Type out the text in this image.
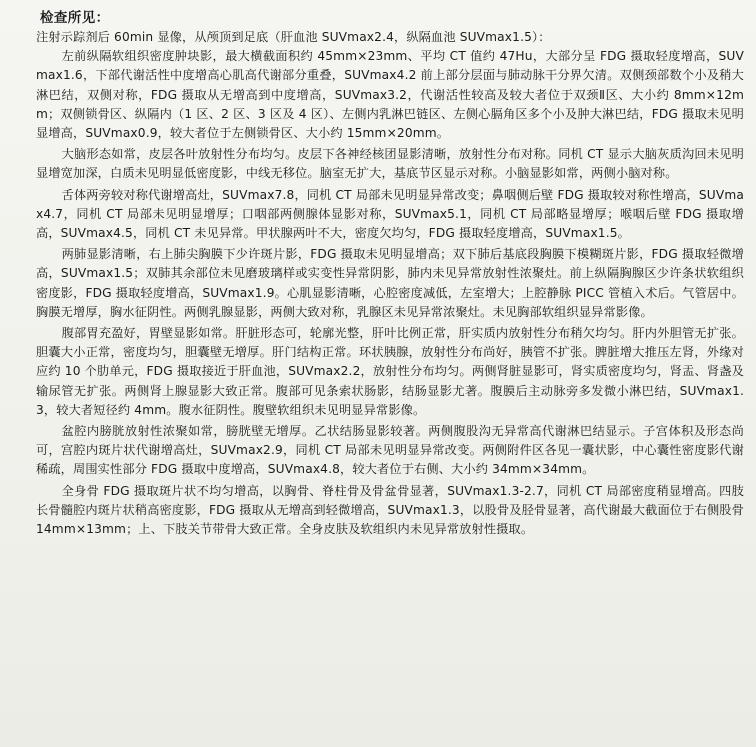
检查所见：

注射示踪剂后 60min 显像，从颅顶到足底（肝血池 SUVmax2.4，纵隔血池 SUVmax1.5）：

左前纵隔软组织密度肿块影，最大横截面积约 45mm×23mm、平均 CT 值约 47Hu，大部分呈 FDG 摄取轻度增高，SUVmax1.6，下部代谢活性中度增高心肌高代谢部分重叠，SUVmax4.2 前上部分层面与肺动脉干分界欠清。双侧颈部数个小及稍大淋巴结，双侧对称，FDG 摄取从无增高到中度增高，SUVmax3.2，代谢活性较高及较大者位于双颈Ⅱ区、大小约 8mm×12mm；双侧锁骨区、纵隔内（1 区、2 区、3 区及 4 区）、左侧内乳淋巴链区、左侧心膈角区多个小及肿大淋巴结，FDG 摄取未见明显增高，SUVmax0.9，较大者位于左侧锁骨区、大小约 15mm×20mm。

大脑形态如常，皮层各叶放射性分布均匀。皮层下各神经核团显影清晰，放射性分布对称。同机 CT 显示大脑灰质沟回未见明显增宽加深，白质未见明显低密度影，中线无移位。脑室无扩大，基底节区显示对称。小脑显影如常，两侧小脑对称。

舌体两旁较对称代谢增高灶，SUVmax7.8，同机 CT 局部未见明显异常改变；鼻咽侧后壁 FDG 摄取较对称性增高，SUVmax4.7，同机 CT 局部未见明显增厚；口咽部两侧腺体显影对称，SUVmax5.1，同机 CT 局部略显增厚；喉咽后壁 FDG 摄取增高，SUVmax4.5，同机 CT 未见异常。甲状腺两叶不大，密度欠均匀，FDG 摄取轻度增高，SUVmax1.5。

两肺显影清晰，右上肺尖胸膜下少许斑片影，FDG 摄取未见明显增高；双下肺后基底段胸膜下模糊斑片影，FDG 摄取轻微增高，SUVmax1.5；双肺其余部位未见磨玻璃样或实变性异常阴影，肺内未见异常放射性浓聚灶。前上纵隔胸腺区少许条状软组织密度影，FDG 摄取轻度增高，SUVmax1.9。心肌显影清晰，心腔密度减低，左室增大；上腔静脉 PICC 管植入术后。气管居中。胸膜无增厚，胸水征阴性。两侧乳腺显影，两侧大致对称，乳腺区未见异常浓聚灶。未见胸部软组织显异常影像。

腹部胃充盈好，胃壁显影如常。肝脏形态可，轮廓光整，肝叶比例正常，肝实质内放射性分布稍欠均匀。肝内外胆管无扩张。胆囊大小正常，密度均匀，胆囊壁无增厚。肝门结构正常。环状胰腺，放射性分布尚好，胰管不扩张。脾脏增大推压左肾，外缘对应约 10 个肋单元，FDG 摄取接近于肝血池，SUVmax2.2，放射性分布均匀。两侧肾脏显影可，肾实质密度均匀，肾盂、肾盏及输尿管无扩张。两侧肾上腺显影大致正常。腹部可见条索状肠影，结肠显影尤著。腹膜后主动脉旁多发微小淋巴结，SUVmax1.3，较大者短径约 4mm。腹水征阴性。腹壁软组织未见明显异常影像。

盆腔内膀胱放射性浓聚如常，膀胱壁无增厚。乙状结肠显影较著。两侧腹股沟无异常高代谢淋巴结显示。子宫体积及形态尚可，宫腔内斑片状代谢增高灶，SUVmax2.9，同机 CT 局部未见明显异常改变。两侧附件区各见一囊状影，中心囊性密度影代谢稀疏，周围实性部分 FDG 摄取中度增高，SUVmax4.8，较大者位于右侧、大小约 34mm×34mm。

全身骨 FDG 摄取斑片状不均匀增高，以胸骨、脊柱骨及骨盆骨显著，SUVmax1.3-2.7，同机 CT 局部密度稍显增高。四肢长骨髓腔内斑片状稍高密度影，FDG 摄取从无增高到轻微增高，SUVmax1.3，以股骨及胫骨显著，高代谢最大截面位于右侧股骨 14mm×13mm；上、下肢关节带骨大致正常。全身皮肤及软组织内未见异常放射性摄取。
